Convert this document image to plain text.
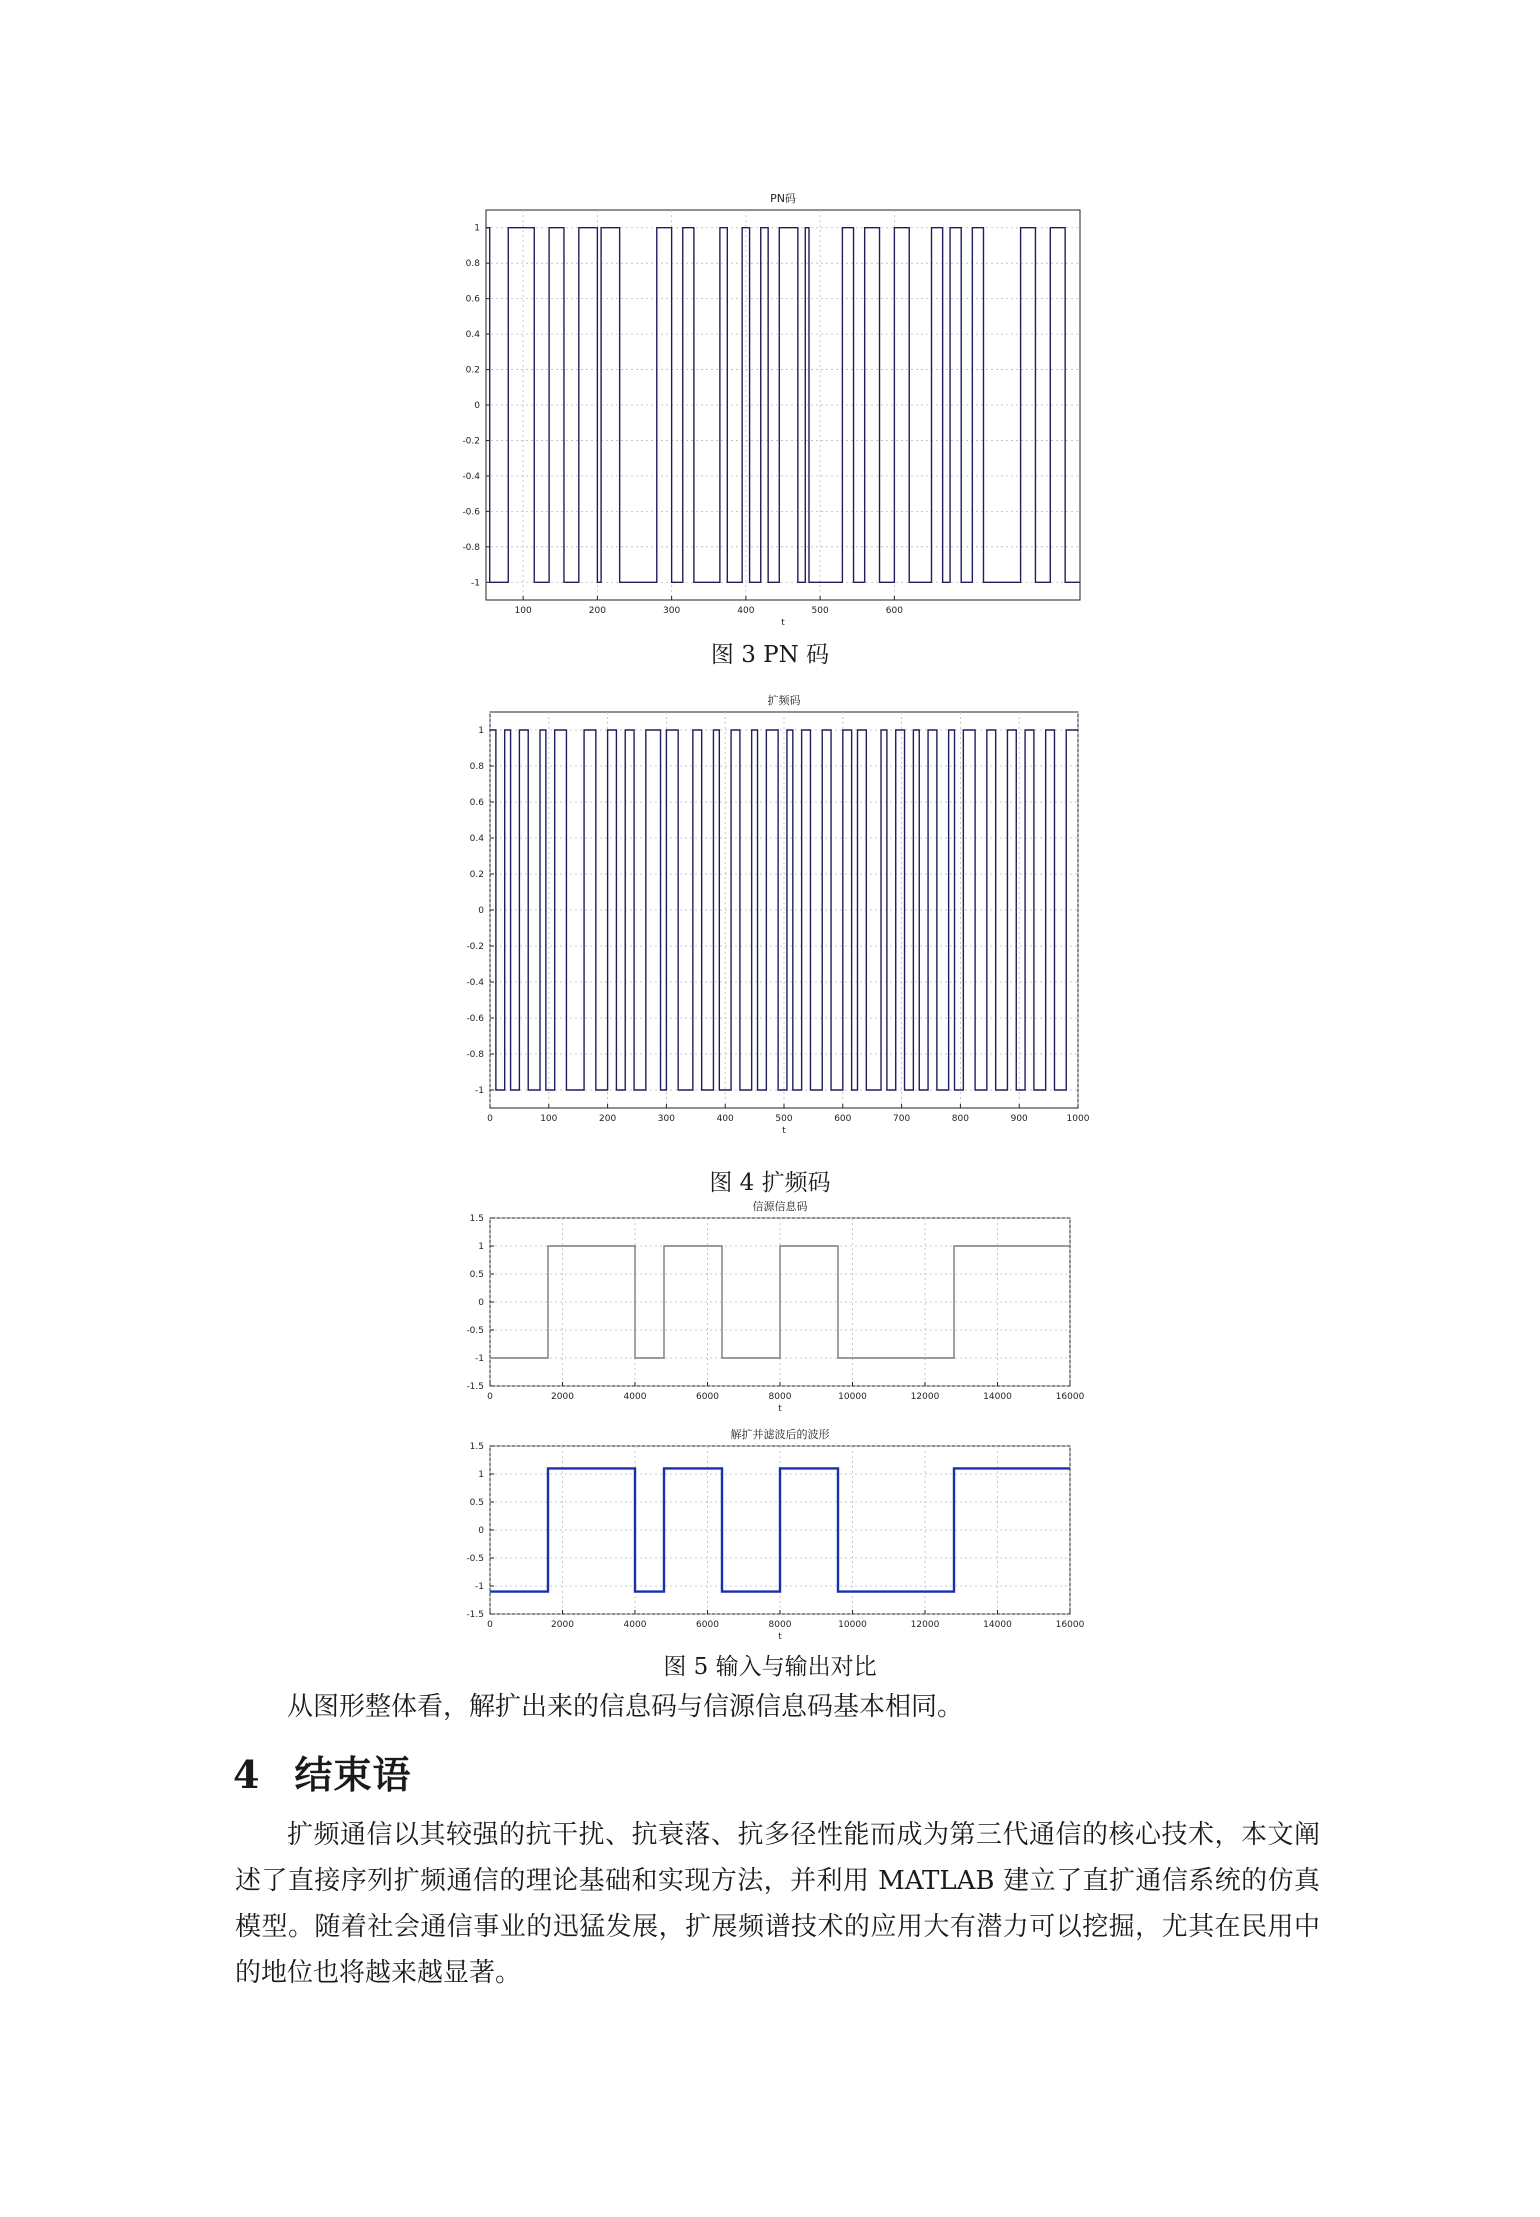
PN码
100	200	300	400	500	600
1
0.8
0.6
0.4
0.2
0
-0.2
-0.4
-0.6
-0.8
-1
t
图 3 PN 码
扩频码
0	100	200	300	400	500	600	700	800	900	1000
1
0.8
0.6
0.4
0.2
0
-0.2
-0.4
-0.6
-0.8
-1
t
图 4 扩频码
信源信息码
0	2000	4000	6000	8000	10000	12000	14000	16000
1.5
1
0.5
0
-0.5
-1
-1.5
t
解扩并滤波后的波形
0	2000	4000	6000	8000	10000	12000	14000	16000
1.5
1
0.5
0
-0.5
-1
-1.5
t
图 5 输入与输出对比
从图形整体看，解扩出来的信息码与信源信息码基本相同。
4 结束语
扩频通信以其较强的抗干扰、抗衰落、抗多径性能而成为第三代通信的核心技术，本文阐述了直接序列扩频通信的理论基础和实现方法，并利用 MATLAB 建立了直扩通信系统的仿真模型。随着社会通信事业的迅猛发展，扩展频谱技术的应用大有潜力可以挖掘，尤其在民用中的地位也将越来越显著。
